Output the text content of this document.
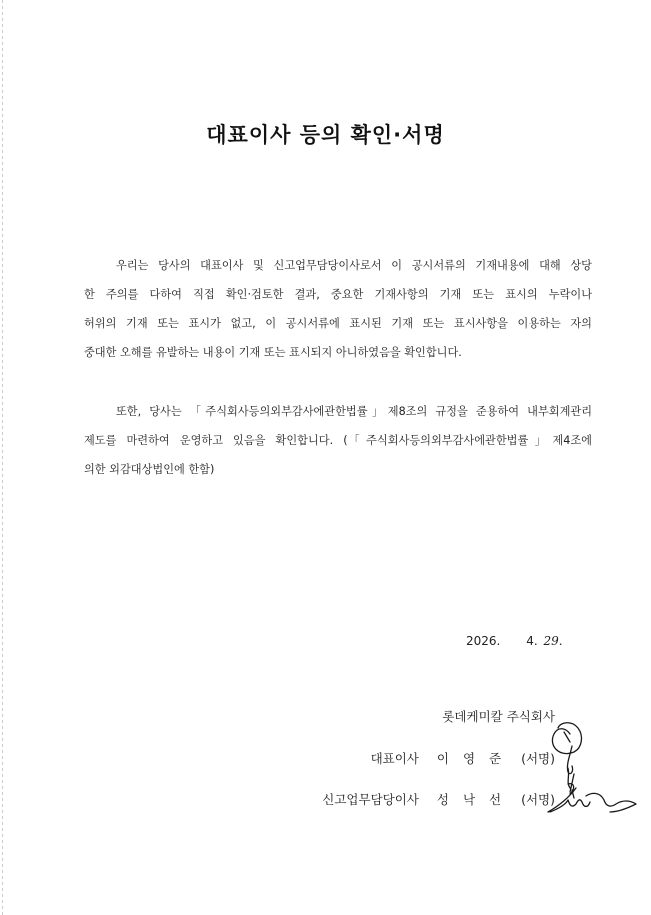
대표이사 등의 확인·서명
우리는 당사의 대표이사 및 신고업무담당이사로서 이 공시서류의 기재내용에 대해 상당
한 주의를 다하여 직접 확인·검토한 결과, 중요한 기재사항의 기재 또는 표시의 누락이나
허위의 기재 또는 표시가 없고, 이 공시서류에 표시된 기재 또는 표시사항을 이용하는 자의
중대한 오해를 유발하는 내용이 기재 또는 표시되지 아니하였음을 확인합니다.
또한, 당사는 「주식회사등의외부감사에관한법률」제8조의 규정을 준용하여 내부회계관리
제도를 마련하여 운영하고 있음을 확인합니다. (「주식회사등의외부감사에관한법률」제4조에
의한 외감대상법인에 한함)
2026. 4. 29.
롯데케미칼 주식회사
대표이사 이영준 (서명)
신고업무담당이사 성낙선 (서명)
